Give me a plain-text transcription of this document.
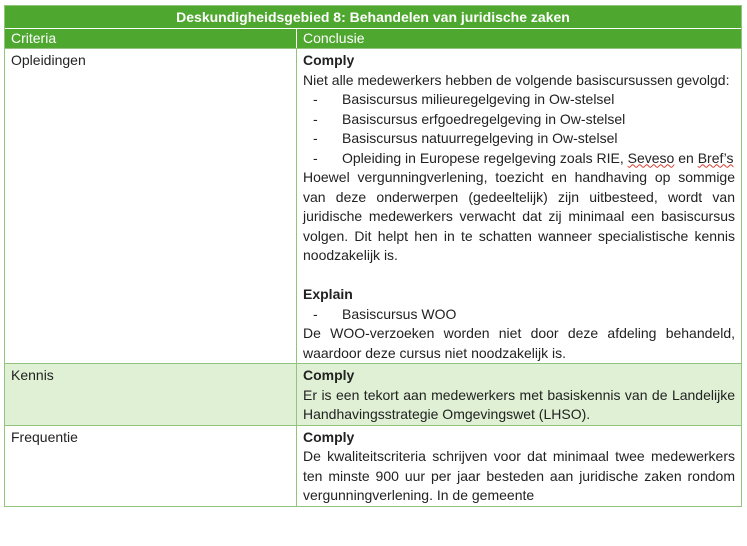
Deskundigheidsgebied 8: Behandelen van juridische zaken
Criteria	Conclusie
Opleidingen	Comply
Niet alle medewerkers hebben de volgende basiscursussen gevolgd:
-	Basiscursus milieuregelgeving in Ow-stelsel
-	Basiscursus erfgoedregelgeving in Ow-stelsel
-	Basiscursus natuurregelgeving in Ow-stelsel
-	Opleiding in Europese regelgeving zoals RIE, Seveso en Bref’s
Hoewel vergunningverlening, toezicht en handhaving op sommige van deze onderwerpen (gedeeltelijk) zijn uitbesteed, wordt van juridische medewerkers verwacht dat zij minimaal een basiscursus volgen. Dit helpt hen in te schatten wanneer specialistische kennis noodzakelijk is.
Explain
-	Basiscursus WOO
De WOO-verzoeken worden niet door deze afdeling behandeld, waardoor deze cursus niet noodzakelijk is.
Kennis	Comply
Er is een tekort aan medewerkers met basiskennis van de Landelijke Handhavingsstrategie Omgevingswet (LHSO).
Frequentie	Comply
De kwaliteitscriteria schrijven voor dat minimaal twee medewerkers ten minste 900 uur per jaar besteden aan juridische zaken rondom vergunningverlening. In de gemeente
